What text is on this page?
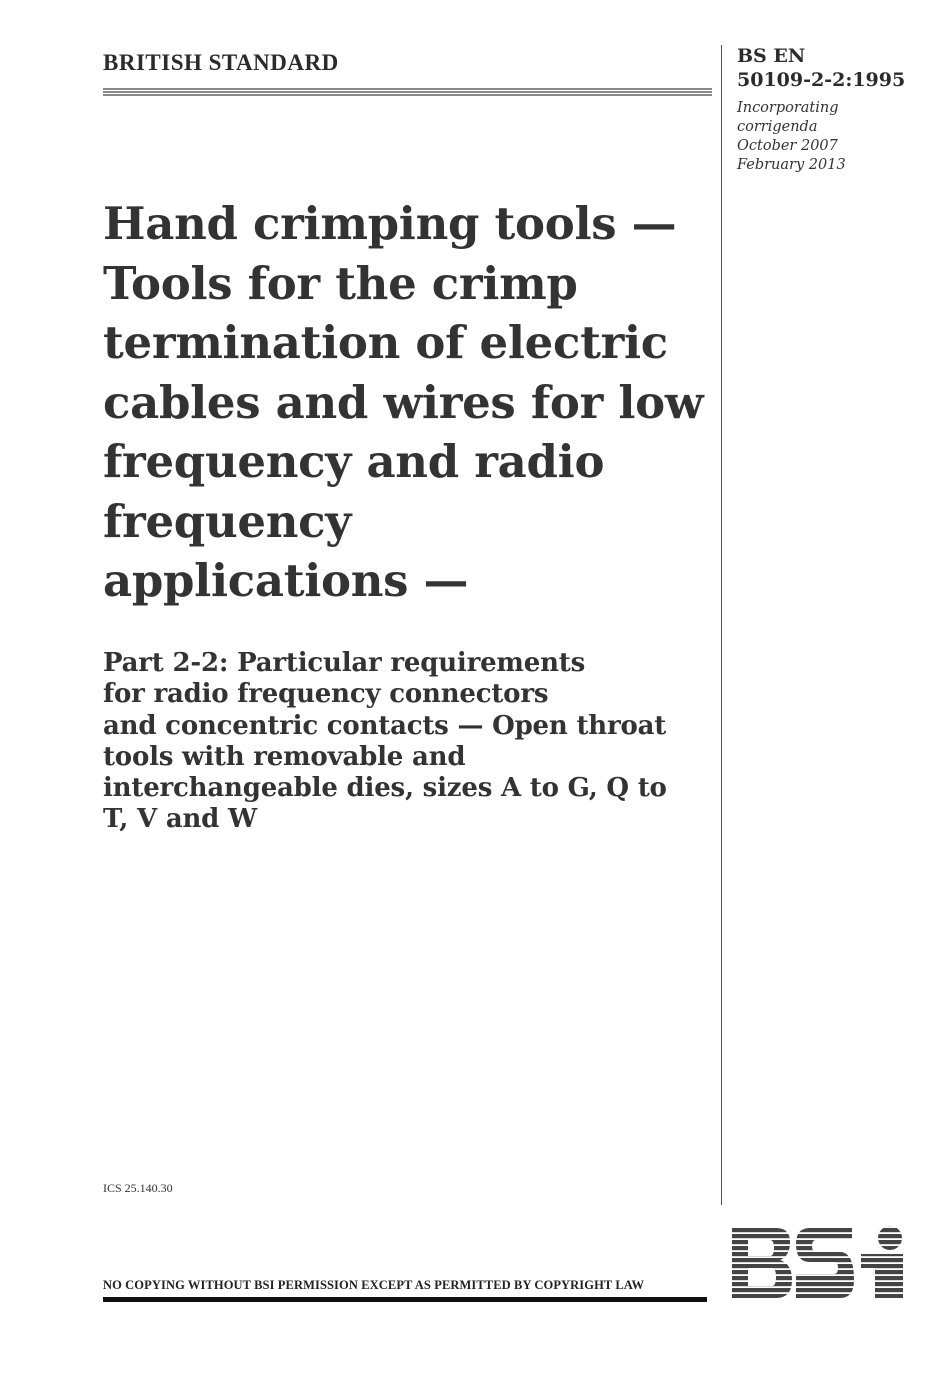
BRITISH STANDARD	BS EN
50109-2-2:1995
Incorporating
corrigenda
October 2007
February 2013
Hand crimping tools —
Tools for the crimp
termination of electric
cables and wires for low
frequency and radio
frequency
applications —
Part 2-2: Particular requirements
for radio frequency connectors
and concentric contacts — Open throat
tools with removable and
interchangeable dies, sizes A to G, Q to
T, V and W
ICS 25.140.30
NO COPYING WITHOUT BSI PERMISSION EXCEPT AS PERMITTED BY COPYRIGHT LAW
